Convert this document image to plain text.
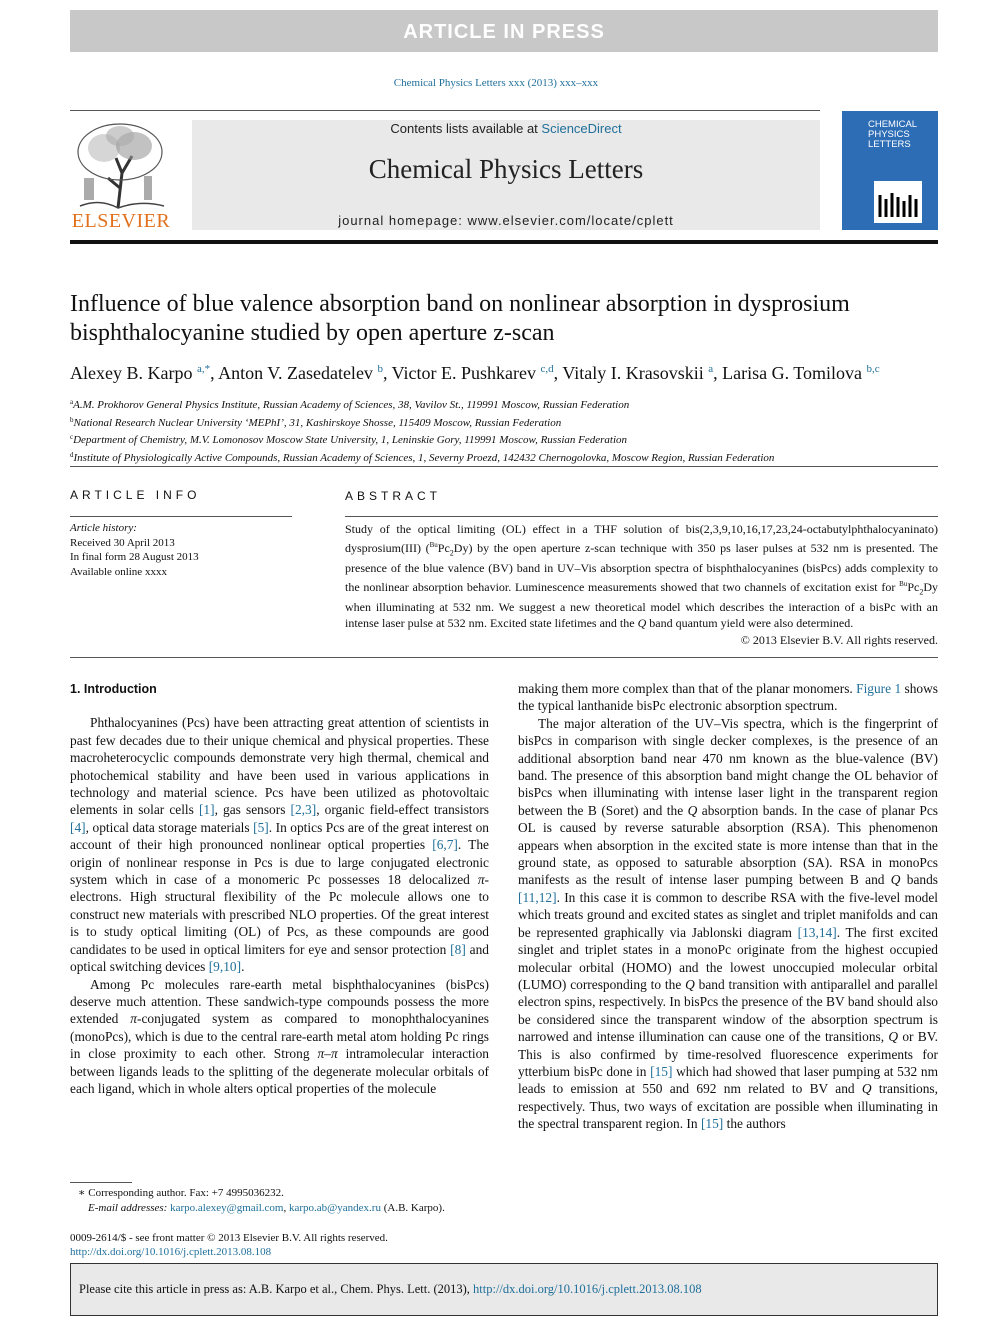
ARTICLE IN PRESS
Chemical Physics Letters xxx (2013) xxx–xxx
ELSEVIER
Contents lists available at ScienceDirect
Chemical Physics Letters
journal homepage: www.elsevier.com/locate/cplett
CHEMICAL
PHYSICS
LETTERS
Influence of blue valence absorption band on nonlinear absorption in dysprosium bisphthalocyanine studied by open aperture z-scan
Alexey B. Karpo $^{a,*}$, Anton V. Zasedatelev $^b$, Victor E. Pushkarev $^{c,d}$, Vitaly I. Krasovskii $^a$, Larisa G. Tomilova $^{b,c}$
$^a$A.M. Prokhorov General Physics Institute, Russian Academy of Sciences, 38, Vavilov St., 119991 Moscow, Russian Federation
$^b$National Research Nuclear University ‘MEPhI’, 31, Kashirskoye Shosse, 115409 Moscow, Russian Federation
$^c$Department of Chemistry, M.V. Lomonosov Moscow State University, 1, Leninskie Gory, 119991 Moscow, Russian Federation
$^d$Institute of Physiologically Active Compounds, Russian Academy of Sciences, 1, Severny Proezd, 142432 Chernogolovka, Moscow Region, Russian Federation
ARTICLE INFO	ABSTRACT
Article history:
Received 30 April 2013
In final form 28 August 2013
Available online xxxx
Study of the optical limiting (OL) effect in a THF solution of bis(2,3,9,10,16,17,23,24-octabutylphthalocyaninato) dysprosium(III) $(^{Bu}Pc_2Dy)$ by the open aperture z-scan technique with 350 ps laser pulses at 532 nm is presented. The presence of the blue valence (BV) band in UV–Vis absorption spectra of bisphthalocyanines (bisPcs) adds complexity to the nonlinear absorption behavior. Luminescence measurements showed that two channels of excitation exist for $^{Bu}Pc_2Dy$ when illuminating at 532 nm. We suggest a new theoretical model which describes the interaction of a bisPc with an intense laser pulse at 532 nm. Excited state lifetimes and the Q band quantum yield were also determined.
© 2013 Elsevier B.V. All rights reserved.
1. Introduction

Phthalocyanines (Pcs) have been attracting great attention of scientists in past few decades due to their unique chemical and physical properties. These macroheterocyclic compounds demonstrate very high thermal, chemical and photochemical stability and have been used in various applications in technology and material science. Pcs have been utilized as photovoltaic elements in solar cells [1], gas sensors [2,3], organic field-effect transistors [4], optical data storage materials [5]. In optics Pcs are of the great interest on account of their high pronounced nonlinear optical properties [6,7]. The origin of nonlinear response in Pcs is due to large conjugated electronic system which in case of a monomeric Pc possesses 18 delocalized π-electrons. High structural flexibility of the Pc molecule allows one to construct new materials with prescribed NLO properties. Of the great interest is to study optical limiting (OL) of Pcs, as these compounds are good candidates to be used in optical limiters for eye and sensor protection [8] and optical switching devices [9,10].

Among Pc molecules rare-earth metal bisphthalocyanines (bisPcs) deserve much attention. These sandwich-type compounds possess the more extended π-conjugated system as compared to monophthalocyanines (monoPcs), which is due to the central rare-earth metal atom holding Pc rings in close proximity to each other. Strong π–π intramolecular interaction between ligands leads to the splitting of the degenerate molecular orbitals of each ligand, which in whole alters optical properties of the molecule

making them more complex than that of the planar monomers. Figure 1 shows the typical lanthanide bisPc electronic absorption spectrum.

The major alteration of the UV–Vis spectra, which is the fingerprint of bisPcs in comparison with single decker complexes, is the presence of an additional absorption band near 470 nm known as the blue-valence (BV) band. The presence of this absorption band might change the OL behavior of bisPcs when illuminating with intense laser light in the transparent region between the B (Soret) and the Q absorption bands. In the case of planar Pcs OL is caused by reverse saturable absorption (RSA). This phenomenon appears when absorption in the excited state is more intense than that in the ground state, as opposed to saturable absorption (SA). RSA in monoPcs manifests as the result of intense laser pumping between B and Q bands [11,12]. In this case it is common to describe RSA with the five-level model which treats ground and excited states as singlet and triplet manifolds and can be represented graphically via Jablonski diagram [13,14]. The first excited singlet and triplet states in a monoPc originate from the highest occupied molecular orbital (HOMO) and the lowest unoccupied molecular orbital (LUMO) corresponding to the Q band transition with antiparallel and parallel electron spins, respectively. In bisPcs the presence of the BV band should also be considered since the transparent window of the absorption spectrum is narrowed and intense illumination can cause one of the transitions, Q or BV. This is also confirmed by time-resolved fluorescence experiments for ytterbium bisPc done in [15] which had showed that laser pumping at 532 nm leads to emission at 550 and 692 nm related to BV and Q transitions, respectively. Thus, two ways of excitation are possible when illuminating in the spectral transparent region. In [15] the authors

∗ Corresponding author. Fax: +7 4995036232.
E-mail addresses: karpo.alexey@gmail.com, karpo.ab@yandex.ru (A.B. Karpo).
0009-2614/$ - see front matter © 2013 Elsevier B.V. All rights reserved.
http://dx.doi.org/10.1016/j.cplett.2013.08.108
Please cite this article in press as: A.B. Karpo et al., Chem. Phys. Lett. (2013), http://dx.doi.org/10.1016/j.cplett.2013.08.108
